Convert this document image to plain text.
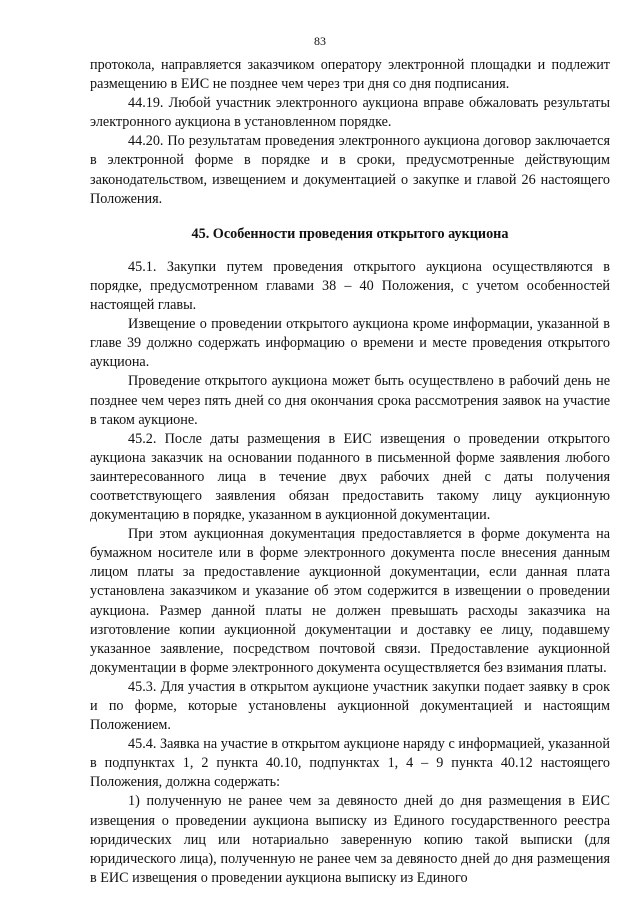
83

протокола, направляется заказчиком оператору электронной площадки и подлежит размещению в ЕИС не позднее чем через три дня со дня подписания.

44.19. Любой участник электронного аукциона вправе обжаловать результаты электронного аукциона в установленном порядке.

44.20. По результатам проведения электронного аукциона договор заключается в электронной форме в порядке и в сроки, предусмотренные действующим законодательством, извещением и документацией о закупке и главой 26 настоящего Положения.

45. Особенности проведения открытого аукциона

45.1. Закупки путем проведения открытого аукциона осуществляются в порядке, предусмотренном главами 38 – 40 Положения, с учетом особенностей настоящей главы.

Извещение о проведении открытого аукциона кроме информации, указанной в главе 39 должно содержать информацию о времени и месте проведения открытого аукциона.

Проведение открытого аукциона может быть осуществлено в рабочий день не позднее чем через пять дней со дня окончания срока рассмотрения заявок на участие в таком аукционе.

45.2. После даты размещения в ЕИС извещения о проведении открытого аукциона заказчик на основании поданного в письменной форме заявления любого заинтересованного лица в течение двух рабочих дней с даты получения соответствующего заявления обязан предоставить такому лицу аукционную документацию в порядке, указанном в аукционной документации.

При этом аукционная документация предоставляется в форме документа на бумажном носителе или в форме электронного документа после внесения данным лицом платы за предоставление аукционной документации, если данная плата установлена заказчиком и указание об этом содержится в извещении о проведении аукциона. Размер данной платы не должен превышать расходы заказчика на изготовление копии аукционной документации и доставку ее лицу, подавшему указанное заявление, посредством почтовой связи. Предоставление аукционной документации в форме электронного документа осуществляется без взимания платы.

45.3. Для участия в открытом аукционе участник закупки подает заявку в срок и по форме, которые установлены аукционной документацией и настоящим Положением.

45.4. Заявка на участие в открытом аукционе наряду с информацией, указанной в подпунктах 1, 2 пункта 40.10, подпунктах 1, 4 – 9 пункта 40.12 настоящего Положения, должна содержать:

1) полученную не ранее чем за девяносто дней до дня размещения в ЕИС извещения о проведении аукциона выписку из Единого государственного реестра юридических лиц или нотариально заверенную копию такой выписки (для юридического лица), полученную не ранее чем за девяносто дней до дня размещения в ЕИС извещения о проведении аукциона выписку из Единого
